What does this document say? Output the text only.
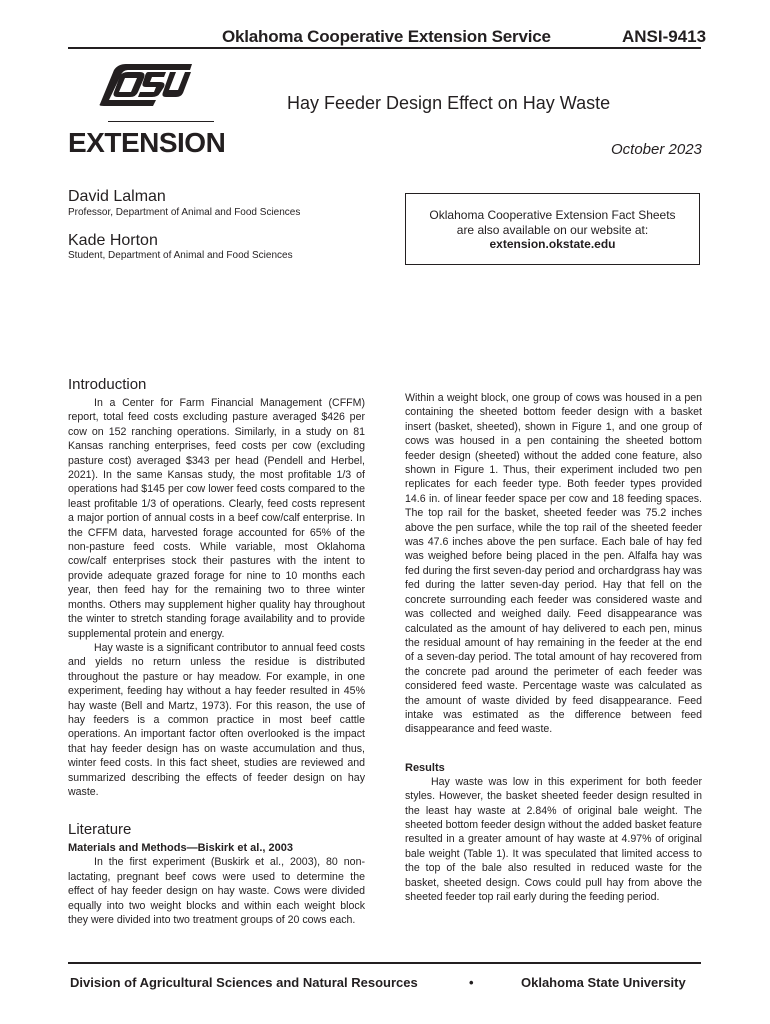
Oklahoma Cooperative Extension Service	ANSI-9413
EXTENSION
Hay Feeder Design Effect on Hay Waste
October 2023
David Lalman
Professor, Department of Animal and Food Sciences
Kade Horton
Student, Department of Animal and Food Sciences
Oklahoma Cooperative Extension Fact Sheets
are also available on our website at:
extension.okstate.edu
Introduction

In a Center for Farm Financial Management (CFFM) report, total feed costs excluding pasture averaged $426 per cow on 152 ranching operations. Similarly, in a study on 81 Kansas ranching enterprises, feed costs per cow (excluding pasture cost) averaged $343 per head (Pendell and Herbel, 2021). In the same Kansas study, the most profitable 1/3 of operations had $145 per cow lower feed costs compared to the least profitable 1/3 of operations. Clearly, feed costs represent a major portion of annual costs in a beef cow/calf enterprise. In the CFFM data, harvested forage accounted for 65% of the non-pasture feed costs. While variable, most Oklahoma cow/calf enterprises stock their pastures with the intent to provide adequate grazed forage for nine to 10 months each year, then feed hay for the remaining two to three winter months. Others may supplement higher quality hay throughout the winter to stretch standing forage availability and to provide supplemental protein and energy.

Hay waste is a significant contributor to annual feed costs and yields no return unless the residue is distributed throughout the pasture or hay meadow. For example, in one experiment, feeding hay without a hay feeder resulted in 45% hay waste (Bell and Martz, 1973). For this reason, the use of hay feeders is a common practice in most beef cattle operations. An important factor often overlooked is the impact that hay feeder design has on waste accumulation and thus, winter feed costs. In this fact sheet, studies are reviewed and summarized describing the effects of feeder design on hay waste.

Literature
Materials and Methods—Biskirk et al., 2003

In the first experiment (Buskirk et al., 2003), 80 non-lactating, pregnant beef cows were used to determine the effect of hay feeder design on hay waste. Cows were divided equally into two weight blocks and within each weight block they were divided into two treatment groups of 20 cows each.

Within a weight block, one group of cows was housed in a pen containing the sheeted bottom feeder design with a basket insert (basket, sheeted), shown in Figure 1, and one group of cows was housed in a pen containing the sheeted bottom feeder design (sheeted) without the added cone feature, also shown in Figure 1. Thus, their experiment included two pen replicates for each feeder type. Both feeder types provided 14.6 in. of linear feeder space per cow and 18 feeding spaces. The top rail for the basket, sheeted feeder was 75.2 inches above the pen surface, while the top rail of the sheeted feeder was 47.6 inches above the pen surface. Each bale of hay fed was weighed before being placed in the pen. Alfalfa hay was fed during the first seven-day period and orchardgrass hay was fed during the latter seven-day period. Hay that fell on the concrete surrounding each feeder was considered waste and was collected and weighed daily. Feed disappearance was calculated as the amount of hay delivered to each pen, minus the residual amount of hay remaining in the feeder at the end of a seven-day period. The total amount of hay recovered from the concrete pad around the perimeter of each feeder was considered feed waste. Percentage waste was calculated as the amount of waste divided by feed disappearance. Feed intake was estimated as the difference between feed disappearance and feed waste.

Results

Hay waste was low in this experiment for both feeder styles. However, the basket sheeted feeder design resulted in the least hay waste at 2.84% of original bale weight. The sheeted bottom feeder design without the added basket feature resulted in a greater amount of hay waste at 4.97% of original bale weight (Table 1). It was speculated that limited access to the top of the bale also resulted in reduced waste for the basket, sheeted design. Cows could pull hay from above the sheeted feeder top rail early during the feeding period.

Division of Agricultural Sciences and Natural Resources	•	Oklahoma State University
